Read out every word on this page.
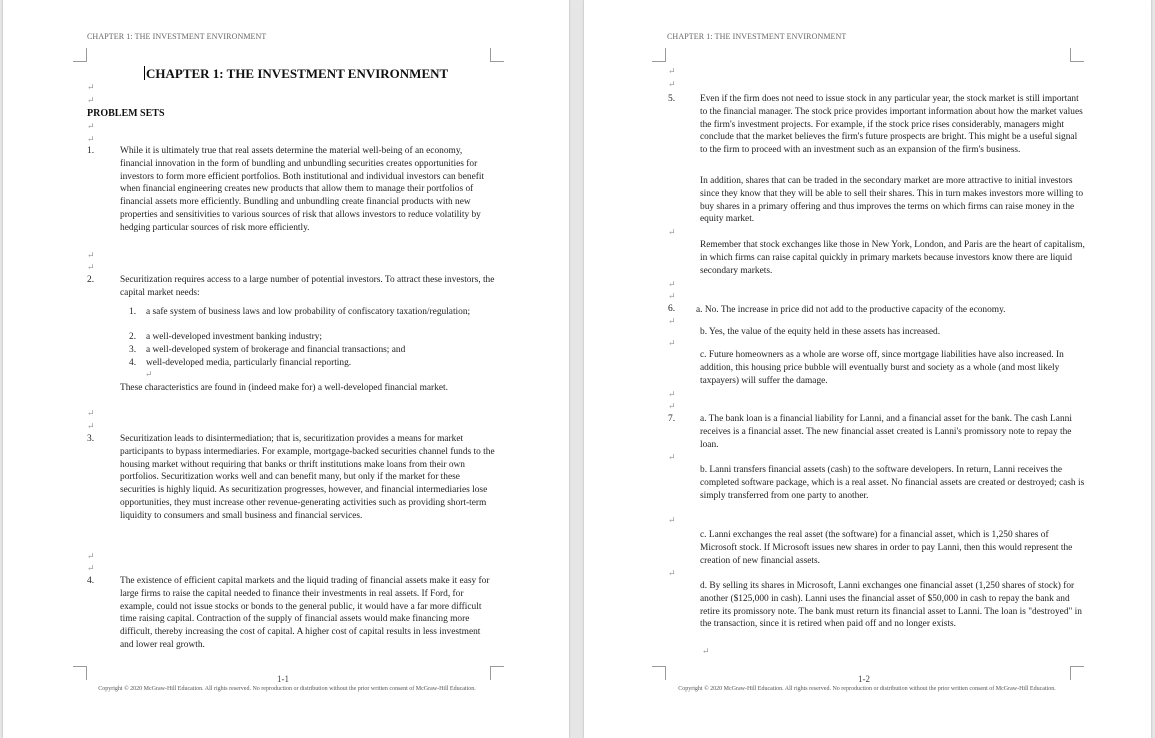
CHAPTER 1: THE INVESTMENT ENVIRONMENT
CHAPTER 1: THE INVESTMENT ENVIRONMENT
↵
↵
PROBLEM SETS
↵
↵
1.	While it is ultimately true that real assets determine the material well-being of an economy, financial innovation in the form of bundling and unbundling securities creates opportunities for investors to form more efficient portfolios. Both institutional and individual investors can benefit when financial engineering creates new products that allow them to manage their portfolios of financial assets more efficiently. Bundling and unbundling create financial products with new properties and sensitivities to various sources of risk that allows investors to reduce volatility by hedging particular sources of risk more efficiently.
↵
↵
2.	Securitization requires access to a large number of potential investors. To attract these investors, the capital market needs:
1. a safe system of business laws and low probability of confiscatory taxation/regulation;
2. a well-developed investment banking industry;
3. a well-developed system of brokerage and financial transactions; and
4. well-developed media, particularly financial reporting.
↵
These characteristics are found in (indeed make for) a well-developed financial market.
↵
↵
3.	Securitization leads to disintermediation; that is, securitization provides a means for market participants to bypass intermediaries. For example, mortgage-backed securities channel funds to the housing market without requiring that banks or thrift institutions make loans from their own portfolios. Securitization works well and can benefit many, but only if the market for these securities is highly liquid. As securitization progresses, however, and financial intermediaries lose opportunities, they must increase other revenue-generating activities such as providing short-term liquidity to consumers and small business and financial services.
↵
↵
4.	The existence of efficient capital markets and the liquid trading of financial assets make it easy for large firms to raise the capital needed to finance their investments in real assets. If Ford, for example, could not issue stocks or bonds to the general public, it would have a far more difficult time raising capital. Contraction of the supply of financial assets would make financing more difficult, thereby increasing the cost of capital. A higher cost of capital results in less investment and lower real growth.
1-1
Copyright © 2020 McGraw-Hill Education. All rights reserved. No reproduction or distribution without the prior written consent of McGraw-Hill Education.
CHAPTER 1: THE INVESTMENT ENVIRONMENT
↵
↵
5.	Even if the firm does not need to issue stock in any particular year, the stock market is still important to the financial manager. The stock price provides important information about how the market values the firm's investment projects. For example, if the stock price rises considerably, managers might conclude that the market believes the firm's future prospects are bright. This might be a useful signal to the firm to proceed with an investment such as an expansion of the firm's business.
In addition, shares that can be traded in the secondary market are more attractive to initial investors since they know that they will be able to sell their shares. This in turn makes investors more willing to buy shares in a primary offering and thus improves the terms on which firms can raise money in the equity market.
↵
Remember that stock exchanges like those in New York, London, and Paris are the heart of capitalism, in which firms can raise capital quickly in primary markets because investors know there are liquid secondary markets.
↵
↵
6. a. No. The increase in price did not add to the productive capacity of the economy.
↵
b. Yes, the value of the equity held in these assets has increased.
↵
c. Future homeowners as a whole are worse off, since mortgage liabilities have also increased. In addition, this housing price bubble will eventually burst and society as a whole (and most likely taxpayers) will suffer the damage.
↵
↵
7.	a. The bank loan is a financial liability for Lanni, and a financial asset for the bank. The cash Lanni receives is a financial asset. The new financial asset created is Lanni's promissory note to repay the loan.
↵
b. Lanni transfers financial assets (cash) to the software developers. In return, Lanni receives the completed software package, which is a real asset. No financial assets are created or destroyed; cash is simply transferred from one party to another.
↵
c. Lanni exchanges the real asset (the software) for a financial asset, which is 1,250 shares of Microsoft stock. If Microsoft issues new shares in order to pay Lanni, then this would represent the creation of new financial assets.
↵
d. By selling its shares in Microsoft, Lanni exchanges one financial asset (1,250 shares of stock) for another ($125,000 in cash). Lanni uses the financial asset of $50,000 in cash to repay the bank and retire its promissory note. The bank must return its financial asset to Lanni. The loan is "destroyed" in the transaction, since it is retired when paid off and no longer exists.
↵
1-2
Copyright © 2020 McGraw-Hill Education. All rights reserved. No reproduction or distribution without the prior written consent of McGraw-Hill Education.
